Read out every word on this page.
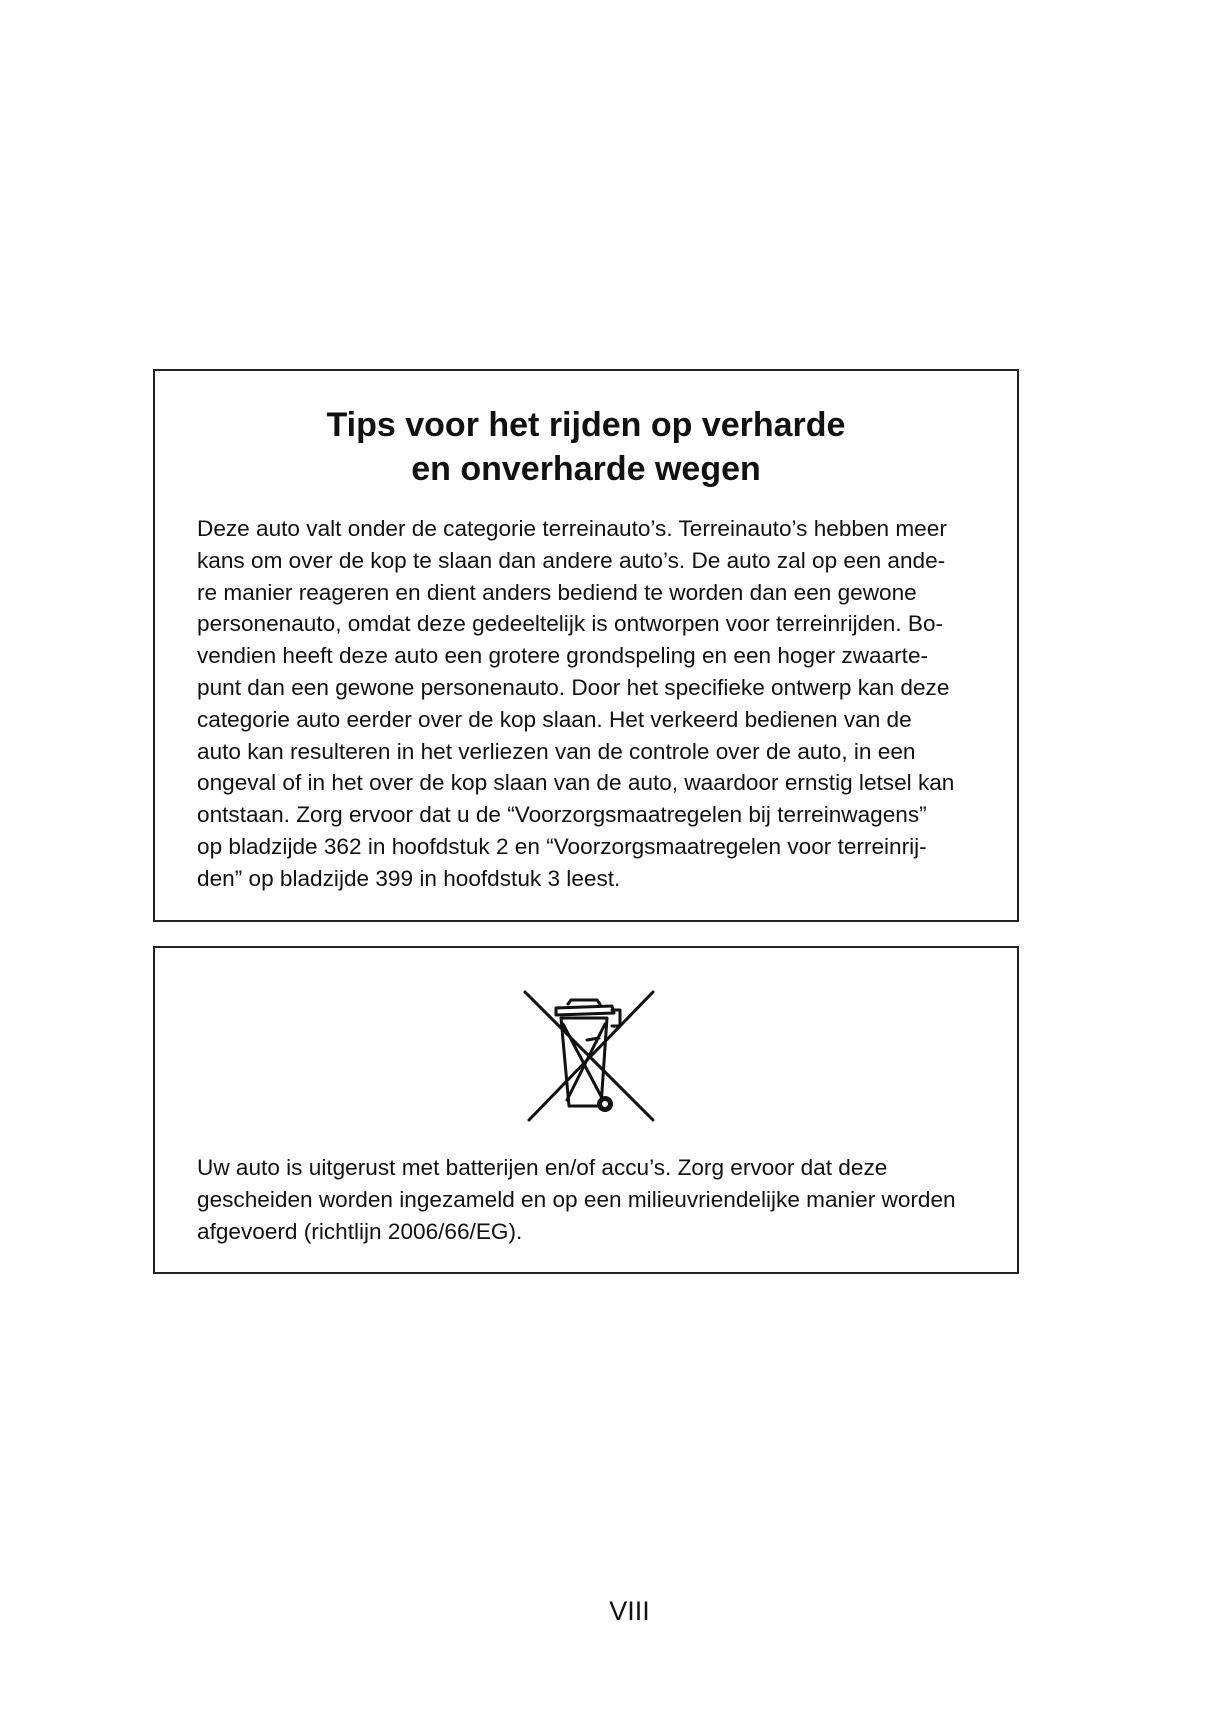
Tips voor het rijden op verharde
en onverharde wegen

Deze auto valt onder de categorie terreinauto’s. Terreinauto’s hebben meer
kans om over de kop te slaan dan andere auto’s. De auto zal op een ande-
re manier reageren en dient anders bediend te worden dan een gewone
personenauto, omdat deze gedeeltelijk is ontworpen voor terreinrijden. Bo-
vendien heeft deze auto een grotere grondspeling en een hoger zwaarte-
punt dan een gewone personenauto. Door het specifieke ontwerp kan deze
categorie auto eerder over de kop slaan. Het verkeerd bedienen van de
auto kan resulteren in het verliezen van de controle over de auto, in een
ongeval of in het over de kop slaan van de auto, waardoor ernstig letsel kan
ontstaan. Zorg ervoor dat u de “Voorzorgsmaatregelen bij terreinwagens”
op bladzijde 362 in hoofdstuk 2 en “Voorzorgsmaatregelen voor terreinrij-
den” op bladzijde 399 in hoofdstuk 3 leest.

Uw auto is uitgerust met batterijen en/of accu’s. Zorg ervoor dat deze
gescheiden worden ingezameld en op een milieuvriendelijke manier worden
afgevoerd (richtlijn 2006/66/EG).

VIII
